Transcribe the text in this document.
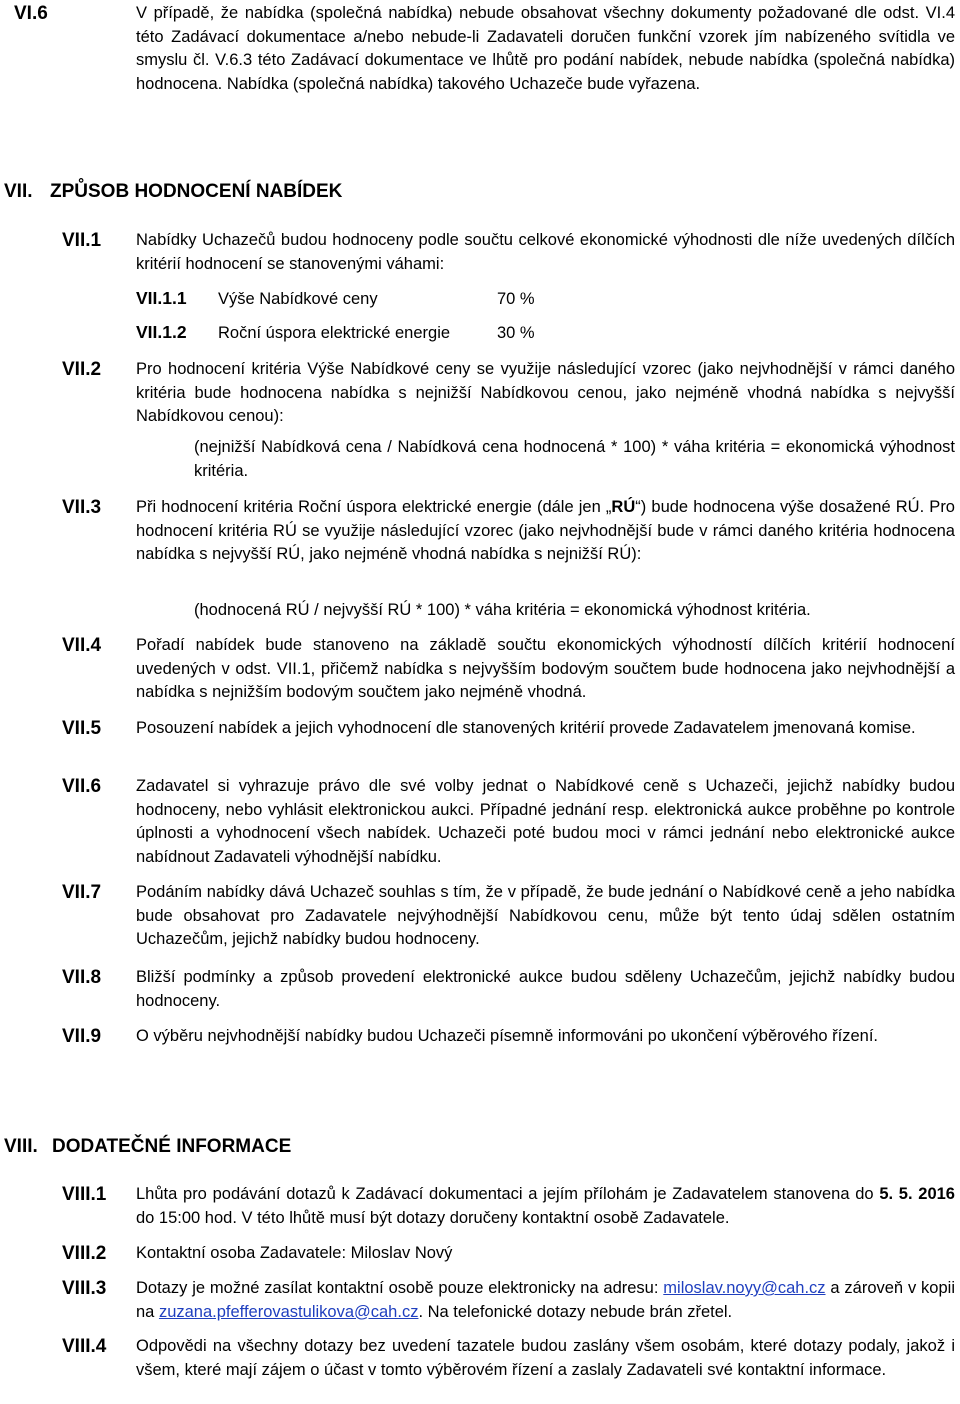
VI.6	V případě, že nabídka (společná nabídka) nebude obsahovat všechny dokumenty požadované dle odst. VI.4 této Zadávací dokumentace a/nebo nebude-li Zadavateli doručen funkční vzorek jím nabízeného svítidla ve smyslu čl. V.6.3 této Zadávací dokumentace ve lhůtě pro podání nabídek, nebude nabídka (společná nabídka) hodnocena. Nabídka (společná nabídka) takového Uchazeče bude vyřazena.
VII. ZPŮSOB HODNOCENÍ NABÍDEK
VII.1 Nabídky Uchazečů budou hodnoceny podle součtu celkové ekonomické výhodnosti dle níže uvedených dílčích kritérií hodnocení se stanovenými váhami:
VII.1.1 Výše Nabídkové ceny	70 %
VII.1.2 Roční úspora elektrické energie	30 %
VII.2 Pro hodnocení kritéria Výše Nabídkové ceny se využije následující vzorec (jako nejvhodnější v rámci daného kritéria bude hodnocena nabídka s nejnižší Nabídkovou cenou, jako nejméně vhodná nabídka s nejvyšší Nabídkovou cenou):
(nejnižší Nabídková cena / Nabídková cena hodnocená * 100) * váha kritéria = ekonomická výhodnost kritéria.
VII.3 Při hodnocení kritéria Roční úspora elektrické energie (dále jen „RÚ“) bude hodnocena výše dosažené RÚ. Pro hodnocení kritéria RÚ se využije následující vzorec (jako nejvhodnější bude v rámci daného kritéria hodnocena nabídka s nejvyšší RÚ, jako nejméně vhodná nabídka s nejnižší RÚ):
(hodnocená RÚ / nejvyšší RÚ * 100) * váha kritéria = ekonomická výhodnost kritéria.
VII.4 Pořadí nabídek bude stanoveno na základě součtu ekonomických výhodností dílčích kritérií hodnocení uvedených v odst. VII.1, přičemž nabídka s nejvyšším bodovým součtem bude hodnocena jako nejvhodnější a nabídka s nejnižším bodovým součtem jako nejméně vhodná.
VII.5 Posouzení nabídek a jejich vyhodnocení dle stanovených kritérií provede Zadavatelem jmenovaná komise.
VII.6 Zadavatel si vyhrazuje právo dle své volby jednat o Nabídkové ceně s Uchazeči, jejichž nabídky budou hodnoceny, nebo vyhlásit elektronickou aukci. Případné jednání resp. elektronická aukce proběhne po kontrole úplnosti a vyhodnocení všech nabídek. Uchazeči poté budou moci v rámci jednání nebo elektronické aukce nabídnout Zadavateli výhodnější nabídku.
VII.7 Podáním nabídky dává Uchazeč souhlas s tím, že v případě, že bude jednání o Nabídkové ceně a jeho nabídka bude obsahovat pro Zadavatele nejvýhodnější Nabídkovou cenu, může být tento údaj sdělen ostatním Uchazečům, jejichž nabídky budou hodnoceny.
VII.8 Bližší podmínky a způsob provedení elektronické aukce budou sděleny Uchazečům, jejichž nabídky budou hodnoceny.
VII.9 O výběru nejvhodnější nabídky budou Uchazeči písemně informováni po ukončení výběrového řízení.
VIII. DODATEČNÉ INFORMACE
VIII.1 Lhůta pro podávání dotazů k Zadávací dokumentaci a jejím přílohám je Zadavatelem stanovena do 5. 5. 2016 do 15:00 hod. V této lhůtě musí být dotazy doručeny kontaktní osobě Zadavatele.
VIII.2 Kontaktní osoba Zadavatele: Miloslav Nový
VIII.3 Dotazy je možné zasílat kontaktní osobě pouze elektronicky na adresu: miloslav.noyy@cah.cz a zároveň v kopii na zuzana.pfefferovastulikova@cah.cz. Na telefonické dotazy nebude brán zřetel.
VIII.4 Odpovědi na všechny dotazy bez uvedení tazatele budou zaslány všem osobám, které dotazy podaly, jakož i všem, které mají zájem o účast v tomto výběrovém řízení a zaslaly Zadavateli své kontaktní informace.
